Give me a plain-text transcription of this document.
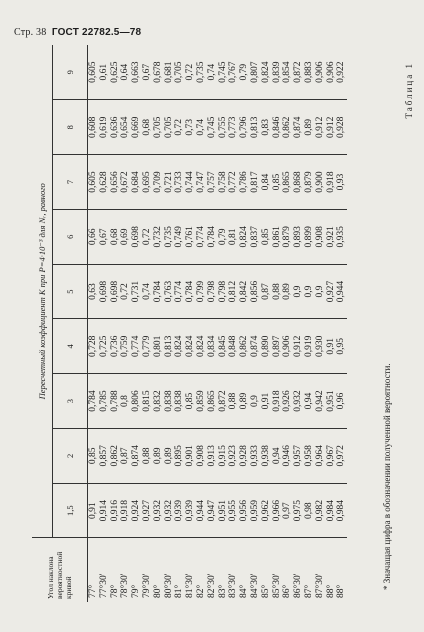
Стр. 38 ГОСТ 22782.5—78
Таблица 1
Угол наклона вероятностной кривой	Пересчетный коэффициент K при P=4·10⁻³ для Nᵣ, равного								
	1,5	2	3	4	5	6	7	8	9
77°	0,91	0,85	0,784	0,728	0,63	0,66	0,605	0,608	0,605
77°30'	0,914	0,857	0,785	0,725	0,698	0,67	0,628	0,619	0,61
78°	0,916	0,862	0,788	0,736	0,698	0,68	0,656	0,636	0,625
78°30'	0,918	0,87	0,8	0,759	0,72	0,69	0,672	0,654	0,64
79°	0,924	0,874	0,806	0,774	0,731	0,698	0,684	0,669	0,663
79°30'	0,927	0,88	0,815	0,779	0,74	0,72	0,695	0,68	0,67
80°	0,932	0,89	0,832	0,801	0,784	0,732	0,709	0,705	0,678
80°30'	0,932	0,89	0,838	0,813	0,763	0,735	0,721	0,705	0,681
81°	0,939	0,895	0,838	0,824	0,774	0,749	0,733	0,72	0,705
81°30'	0,939	0,901	0,85	0,824	0,784	0,761	0,744	0,73	0,72
82°	0,944	0,908	0,859	0,824	0,799	0,774	0,747	0,74	0,735
82°30'	0,947	0,913	0,865	0,834	0,798	0,784	0,757	0,745	0,74
83°	0,951	0,915	0,872	0,845	0,798	0,79	0,758	0,755	0,745
83°30'	0,955	0,923	0,88	0,848	0,812	0,81	0,772	0,773	0,767
84°	0,956	0,928	0,89	0,862	0,842	0,824	0,786	0,796	0,79
84°30'	0,959	0,933	0,9	0,874	0,856	0,837	0,817	0,813	0,807
85°	0,962	0,938	0,91	0,890	0,87	0,85	0,84	0,83	0,824
85°30'	0,966	0,94	0,918	0,897	0,88	0,861	0,85	0,846	0,839
86°	0,97	0,946	0,926	0,906	0,89	0,879	0,865	0,862	0,854
86°30'	0,975	0,957	0,932	0,912	0,9	0,893	0,868	0,874	0,872
87°	0,98	0,958	0,94	0,919	0,9	0,899	0,879	0,89	0,883
87°30'	0,982	0,964	0,942	0,930	0,9	0,908	0,900	0,912	0,906
88°	0,984	0,967	0,951	0,91	0,927	0,921	0,918	0,912	0,906
88°	0,984	0,972	0,96	0,95	0,944	0,935	0,93	0,928	0,922
* Значащая цифра в обозначении полученной вероятности.
